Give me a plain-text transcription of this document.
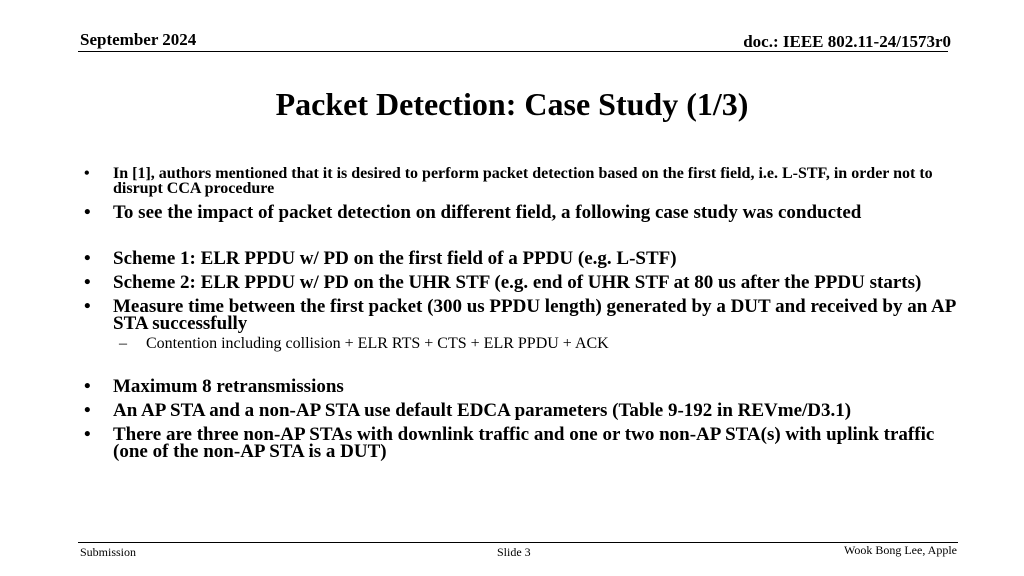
September 2024	doc.: IEEE 802.11-24/1573r0
Packet Detection: Case Study (1/3)
• In [1], authors mentioned that it is desired to perform packet detection based on the first field, i.e. L-STF, in order not to disrupt CCA procedure
• To see the impact of packet detection on different field, a following case study was conducted
• Scheme 1: ELR PPDU w/ PD on the first field of a PPDU (e.g. L-STF)
• Scheme 2: ELR PPDU w/ PD on the UHR STF (e.g. end of UHR STF at 80 us after the PPDU starts)
• Measure time between the first packet (300 us PPDU length) generated by a DUT and received by an AP STA successfully
– Contention including collision + ELR RTS + CTS + ELR PPDU + ACK
• Maximum 8 retransmissions
• An AP STA and a non-AP STA use default EDCA parameters (Table 9-192 in REVme/D3.1)
• There are three non-AP STAs with downlink traffic and one or two non-AP STA(s) with uplink traffic (one of the non-AP STA is a DUT)
Submission	Slide 3	Wook Bong Lee, Apple
